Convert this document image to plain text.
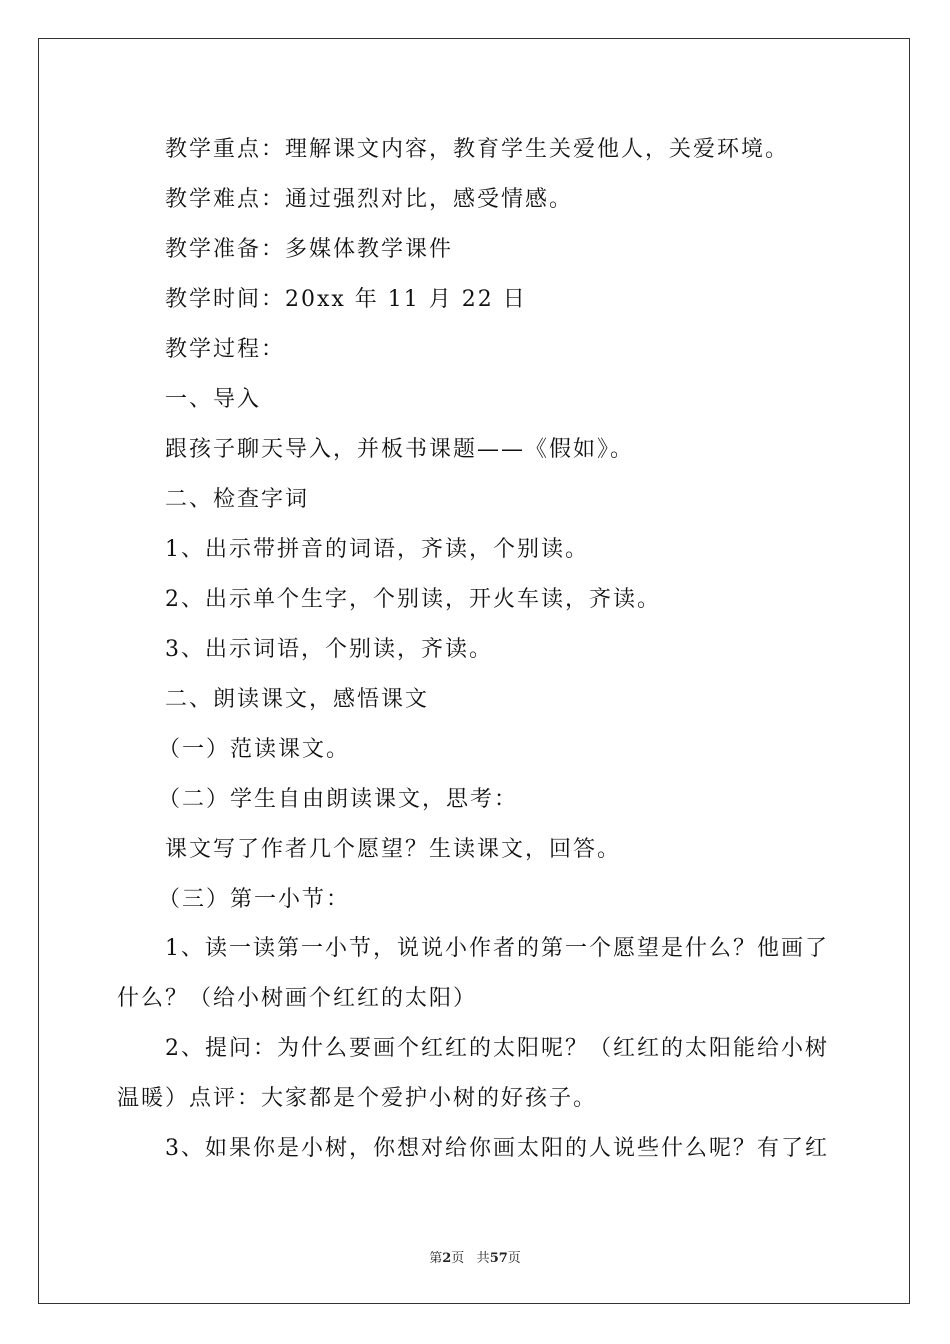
教学重点：理解课文内容，教育学生关爱他人，关爱环境。
教学难点：通过强烈对比，感受情感。
教学准备：多媒体教学课件
教学时间：20xx 年 11 月 22 日
教学过程：
一、导入
跟孩子聊天导入，并板书课题——《假如》。
二、检查字词
1、出示带拼音的词语，齐读，个别读。
2、出示单个生字，个别读，开火车读，齐读。
3、出示词语，个别读，齐读。
二、朗读课文，感悟课文
（一）范读课文。
（二）学生自由朗读课文，思考：
课文写了作者几个愿望？生读课文，回答。
（三）第一小节：
1、读一读第一小节，说说小作者的第一个愿望是什么？他画了
什么？（给小树画个红红的太阳）
2、提问：为什么要画个红红的太阳呢？（红红的太阳能给小树
温暖）点评：大家都是个爱护小树的好孩子。
3、如果你是小树，你想对给你画太阳的人说些什么呢？有了红
第2页 共57页
